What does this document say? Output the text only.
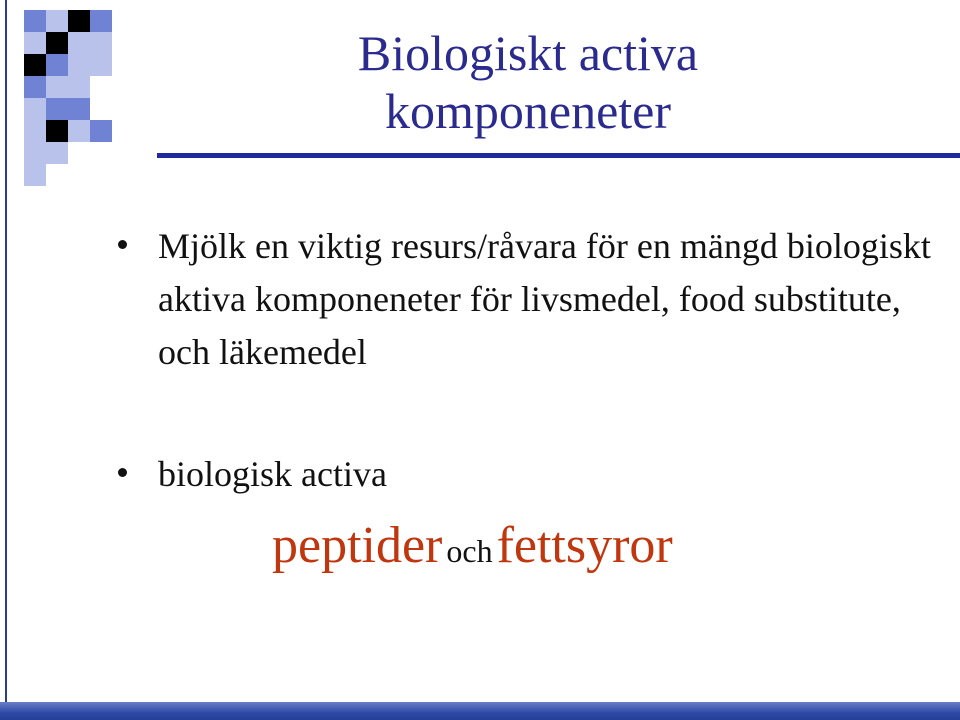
Biologiskt activa
komponeneter
Mjölk en viktig resurs/råvara för en mängd biologiskt aktiva komponeneter för livsmedel, food substitute, och läkemedel
biologisk activa
peptider och fettsyror
